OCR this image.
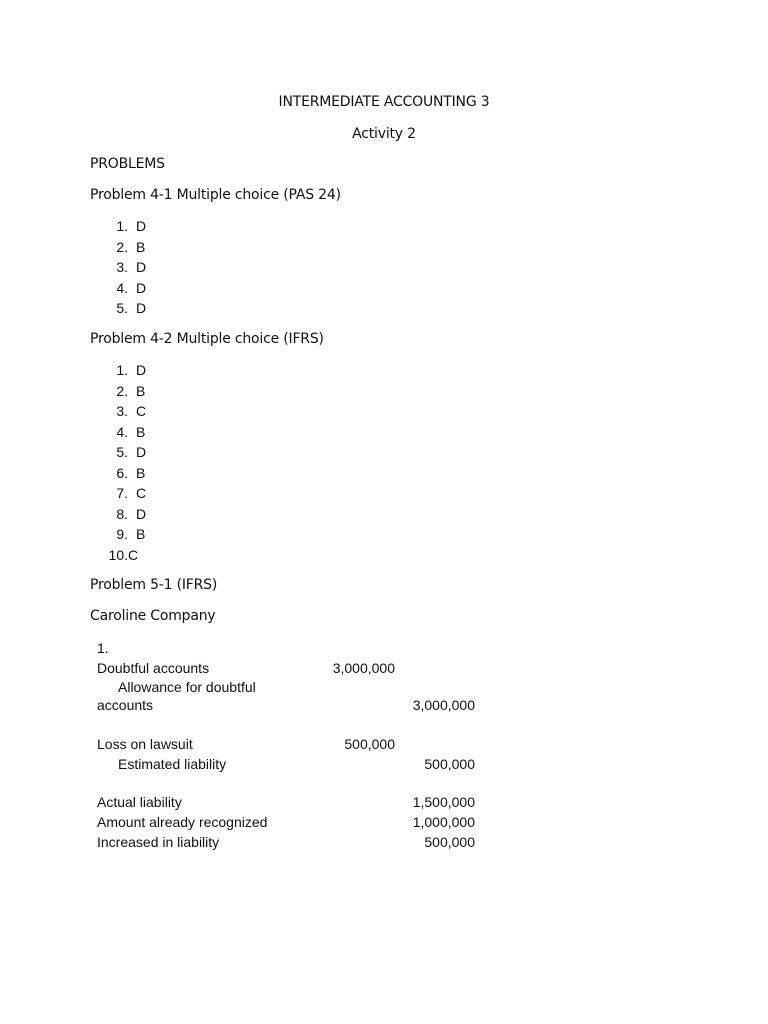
INTERMEDIATE ACCOUNTING 3
Activity 2
PROBLEMS
Problem 4-1 Multiple choice (PAS 24)
1. D
2. B
3. D
4. D
5. D
Problem 4-2 Multiple choice (IFRS)
1. D
2. B
3. C
4. B
5. D
6. B
7. C
8. D
9. B
10.C
Problem 5-1 (IFRS)
Caroline Company
1.
Doubtful accounts	3,000,000
Allowance for doubtful
accounts	3,000,000
Loss on lawsuit	500,000
Estimated liability	500,000
Actual liability	1,500,000
Amount already recognized	1,000,000
Increased in liability	500,000
